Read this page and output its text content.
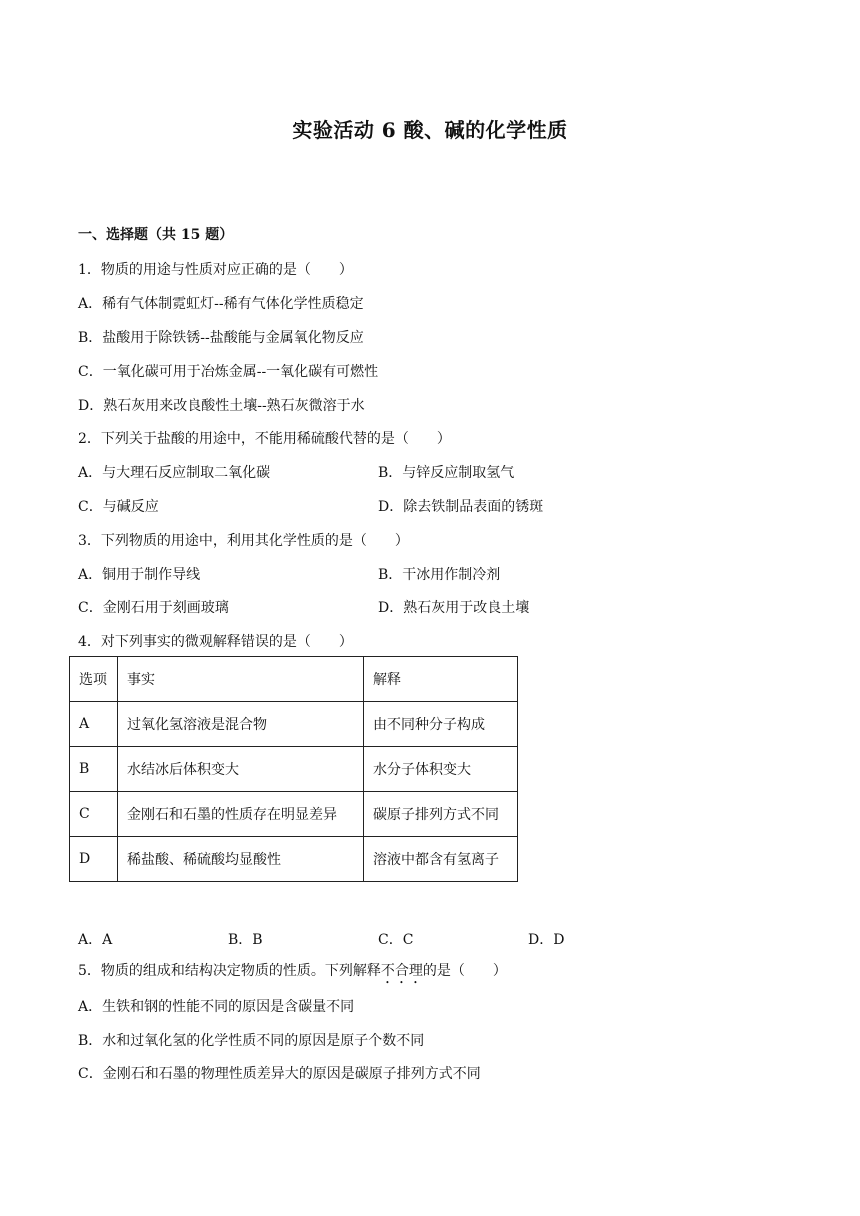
实验活动 6 酸、碱的化学性质
一、选择题（共 15 题）
1．物质的用途与性质对应正确的是（　　）
A．稀有气体制霓虹灯--稀有气体化学性质稳定
B．盐酸用于除铁锈--盐酸能与金属氧化物反应
C．一氧化碳可用于冶炼金属--一氧化碳有可燃性
D．熟石灰用来改良酸性土壤--熟石灰微溶于水
2．下列关于盐酸的用途中，不能用稀硫酸代替的是（　　）
A．与大理石反应制取二氧化碳	B．与锌反应制取氢气
C．与碱反应	D．除去铁制品表面的锈斑
3．下列物质的用途中，利用其化学性质的是（　　）
A．铜用于制作导线	B．干冰用作制冷剂
C．金刚石用于刻画玻璃	D．熟石灰用于改良土壤
4．对下列事实的微观解释错误的是（　　）
选项	事实	解释
A	过氧化氢溶液是混合物	由不同种分子构成
B	水结冰后体积变大	水分子体积变大
C	金刚石和石墨的性质存在明显差异	碳原子排列方式不同
D	稀盐酸、稀硫酸均显酸性	溶液中都含有氢离子
A．A	B．B	C．C	D．D
5．物质的组成和结构决定物质的性质。下列解释不合理的是（　　）
A．生铁和钢的性能不同的原因是含碳量不同
B．水和过氧化氢的化学性质不同的原因是原子个数不同
C．金刚石和石墨的物理性质差异大的原因是碳原子排列方式不同
